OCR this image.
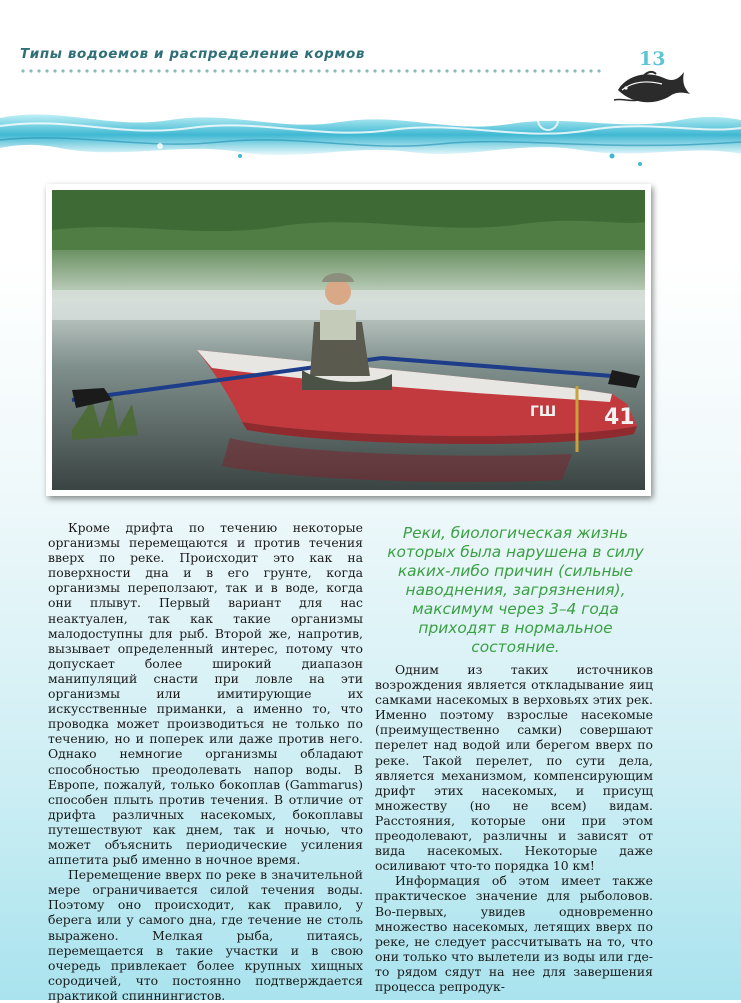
Типы водоемов и распределение кормов	13
41
ГШ

Кроме дрифта по течению некоторые организмы перемещаются и против течения вверх по реке. Происходит это как на поверхности дна и в его грунте, когда организмы переползают, так и в воде, когда они плывут. Первый вариант для нас неактуален, так как такие организмы малодоступны для рыб. Второй же, напротив, вызывает определенный интерес, потому что допускает более широкий диапазон манипуляций снасти при ловле на эти организмы или имитирующие их искусственные приманки, а именно то, что проводка может производиться не только по течению, но и поперек или даже против него. Однако немногие организмы обладают способностью преодолевать напор воды. В Европе, пожалуй, только бокоплав (Gammarus) способен плыть против течения. В отличие от дрифта различных насекомых, бокоплавы путешествуют как днем, так и ночью, что может объяснить периодические усиления аппетита рыб именно в ночное время.

Перемещение вверх по реке в значительной мере ограничивается силой течения воды. Поэтому оно происходит, как правило, у берега или у самого дна, где течение не столь выражено. Мелкая рыба, питаясь, перемещается в такие участки и в свою очередь привлекает более крупных хищных сородичей, что постоянно подтверждается практикой спиннингистов.

Реки, биологическая жизнь которых была нарушена в силу каких-либо причин (сильные наводнения, загрязнения), максимум через 3–4 года приходят в нормальное состояние.

Одним из таких источников возрождения является откладывание яиц самками насекомых в верховьях этих рек. Именно поэтому взрослые насекомые (преимущественно самки) совершают перелет над водой или берегом вверх по реке. Такой перелет, по сути дела, является механизмом, компенсирующим дрифт этих насекомых, и присущ множеству (но не всем) видам. Расстояния, которые они при этом преодолевают, различны и зависят от вида насекомых. Некоторые даже осиливают что-то порядка 10 км!

Информация об этом имеет также практическое значение для рыболовов. Во-первых, увидев одновременно множество насекомых, летящих вверх по реке, не следует рассчитывать на то, что они только что вылетели из воды или где-то рядом сядут на нее для завершения процесса репродук-
